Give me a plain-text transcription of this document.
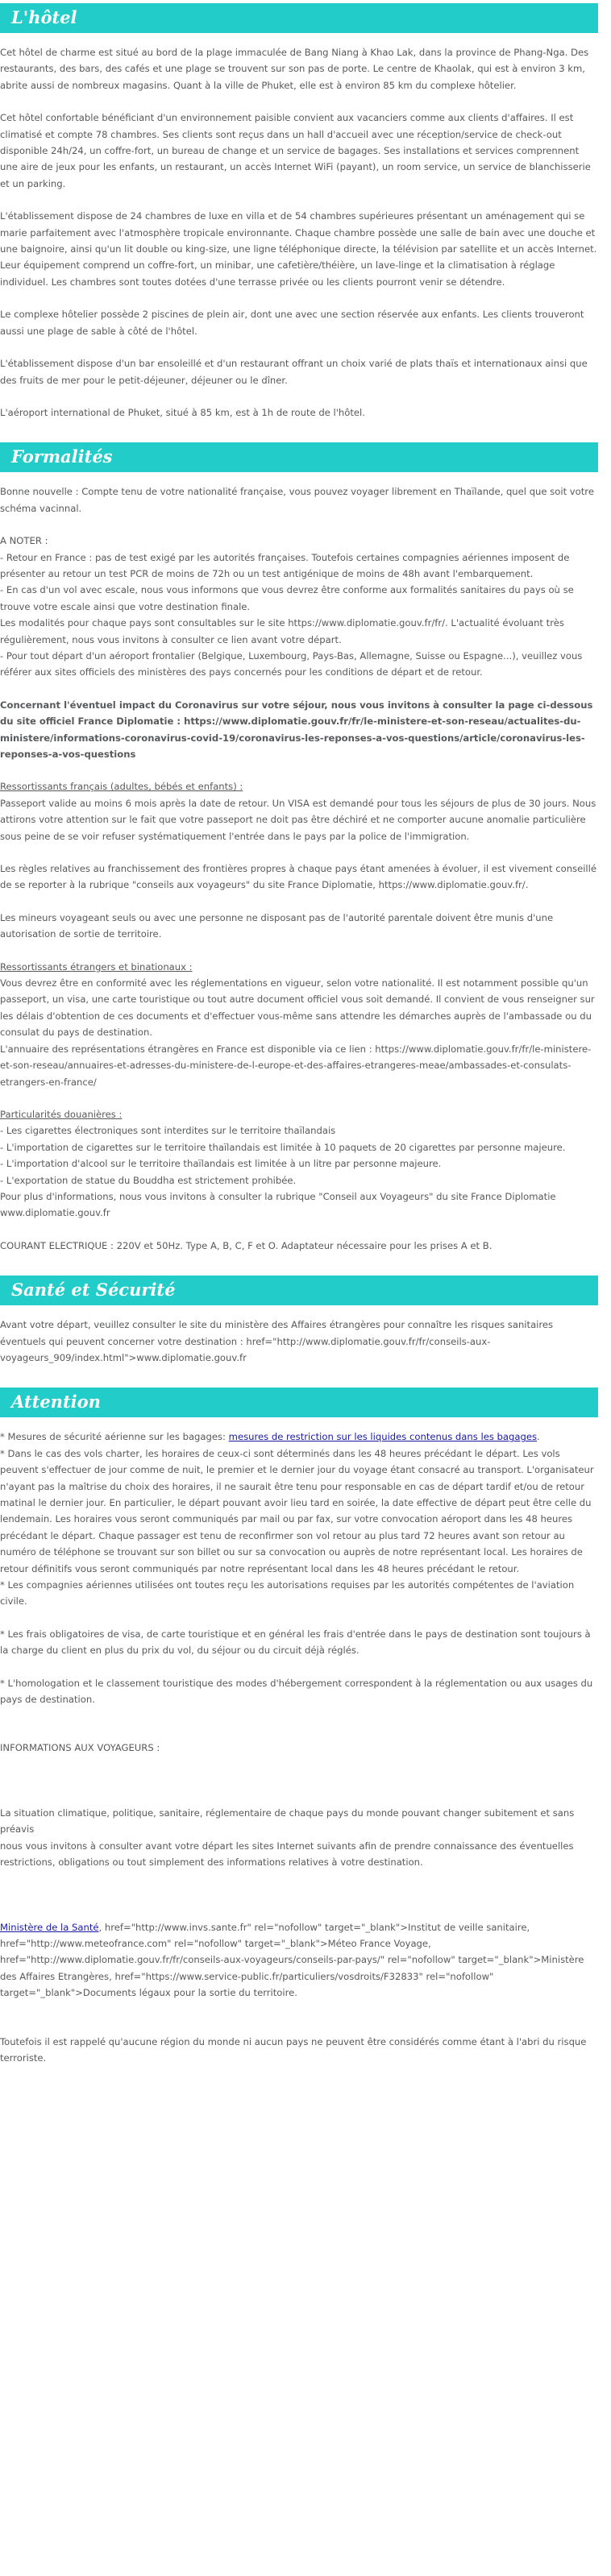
L'hôtel

Cet hôtel de charme est situé au bord de la plage immaculée de Bang Niang à Khao Lak, dans la province de Phang-Nga. Des restaurants, des bars, des cafés et une plage se trouvent sur son pas de porte. Le centre de Khaolak, qui est à environ 3 km, abrite aussi de nombreux magasins. Quant à la ville de Phuket, elle est à environ 85 km du complexe hôtelier.

Cet hôtel confortable bénéficiant d'un environnement paisible convient aux vacanciers comme aux clients d'affaires. Il est climatisé et compte 78 chambres. Ses clients sont reçus dans un hall d'accueil avec une réception/service de check-out disponible 24h/24, un coffre-fort, un bureau de change et un service de bagages. Ses installations et services comprennent une aire de jeux pour les enfants, un restaurant, un accès Internet WiFi (payant), un room service, un service de blanchisserie et un parking.

L'établissement dispose de 24 chambres de luxe en villa et de 54 chambres supérieures présentant un aménagement qui se marie parfaitement avec l'atmosphère tropicale environnante. Chaque chambre possède une salle de bain avec une douche et une baignoire, ainsi qu'un lit double ou king-size, une ligne téléphonique directe, la télévision par satellite et un accès Internet. Leur équipement comprend un coffre-fort, un minibar, une cafetière/théière, un lave-linge et la climatisation à réglage individuel. Les chambres sont toutes dotées d'une terrasse privée ou les clients pourront venir se détendre.

Le complexe hôtelier possède 2 piscines de plein air, dont une avec une section réservée aux enfants. Les clients trouveront aussi une plage de sable à côté de l'hôtel.

L'établissement dispose d'un bar ensoleillé et d'un restaurant offrant un choix varié de plats thaïs et internationaux ainsi que des fruits de mer pour le petit-déjeuner, déjeuner ou le dîner.

L'aéroport international de Phuket, situé à 85 km, est à 1h de route de l'hôtel.

Formalités

Bonne nouvelle : Compte tenu de votre nationalité française, vous pouvez voyager librement en Thaïlande, quel que soit votre schéma vacinnal.

A NOTER :
- Retour en France : pas de test exigé par les autorités françaises. Toutefois certaines compagnies aériennes imposent de présenter au retour un test PCR de moins de 72h ou un test antigénique de moins de 48h avant l'embarquement.
- En cas d'un vol avec escale, nous vous informons que vous devrez être conforme aux formalités sanitaires du pays où se trouve votre escale ainsi que votre destination finale.
Les modalités pour chaque pays sont consultables sur le site https://www.diplomatie.gouv.fr/fr/. L'actualité évoluant très régulièrement, nous vous invitons à consulter ce lien avant votre départ.

- Pour tout départ d'un aéroport frontalier (Belgique, Luxembourg, Pays-Bas, Allemagne, Suisse ou Espagne...), veuillez vous référer aux sites officiels des ministères des pays concernés pour les conditions de départ et de retour.

Concernant l'éventuel impact du Coronavirus sur votre séjour, nous vous invitons à consulter la page ci-dessous du site officiel France Diplomatie : https://www.diplomatie.gouv.fr/fr/le-ministere-et-son-reseau/actualites-du-ministere/informations-coronavirus-covid-19/coronavirus-les-reponses-a-vos-questions/article/coronavirus-les-reponses-a-vos-questions

Ressortissants français (adultes, bébés et enfants) :

Passeport valide au moins 6 mois après la date de retour. Un VISA est demandé pour tous les séjours de plus de 30 jours. Nous attirons votre attention sur le fait que votre passeport ne doit pas être déchiré et ne comporter aucune anomalie particulière sous peine de se voir refuser systématiquement l'entrée dans le pays par la police de l'immigration.

Les règles relatives au franchissement des frontières propres à chaque pays étant amenées à évoluer, il est vivement conseillé de se reporter à la rubrique "conseils aux voyageurs" du site France Diplomatie, https://www.diplomatie.gouv.fr/.

Les mineurs voyageant seuls ou avec une personne ne disposant pas de l'autorité parentale doivent être munis d'une autorisation de sortie de territoire.

Ressortissants étrangers et binationaux :
Vous devrez être en conformité avec les réglementations en vigueur, selon votre nationalité. Il est notamment possible qu'un passeport, un visa, une carte touristique ou tout autre document officiel vous soit demandé. Il convient de vous renseigner sur les délais d'obtention de ces documents et d'effectuer vous-même sans attendre les démarches auprès de l'ambassade ou du consulat du pays de destination.

L'annuaire des représentations étrangères en France est disponible via ce lien : https://www.diplomatie.gouv.fr/fr/le-ministere-et-son-reseau/annuaires-et-adresses-du-ministere-de-l-europe-et-des-affaires-etrangeres-meae/ambassades-et-consulats-etrangers-en-france/

Particularités douanières :
- Les cigarettes électroniques sont interdites sur le territoire thaïlandais
- L'importation de cigarettes sur le territoire thaïlandais est limitée à 10 paquets de 20 cigarettes par personne majeure.
- L'importation d'alcool sur le territoire thaïlandais est limitée à un litre par personne majeure.
- L'exportation de statue du Bouddha est strictement prohibée.

Pour plus d'informations, nous vous invitons à consulter la rubrique "Conseil aux Voyageurs" du site France Diplomatie www.diplomatie.gouv.fr

COURANT ELECTRIQUE : 220V et 50Hz. Type A, B, C, F et O. Adaptateur nécessaire pour les prises A et B.

Santé et Sécurité

Avant votre départ, veuillez consulter le site du ministère des Affaires étrangères pour connaître les risques sanitaires éventuels qui peuvent concerner votre destination : href="http://www.diplomatie.gouv.fr/fr/conseils-aux-voyageurs_909/index.html">www.diplomatie.gouv.fr

Attention
* Mesures de sécurité aérienne sur les bagages: mesures de restriction sur les liquides contenus dans les bagages.
* Dans le cas des vols charter, les horaires de ceux-ci sont déterminés dans les 48 heures précédant le départ. Les vols peuvent s'effectuer de jour comme de nuit, le premier et le dernier jour du voyage étant consacré au transport. L'organisateur n'ayant pas la maîtrise du choix des horaires, il ne saurait être tenu pour responsable en cas de départ tardif et/ou de retour matinal le dernier jour. En particulier, le départ pouvant avoir lieu tard en soirée, la date effective de départ peut être celle du lendemain. Les horaires vous seront communiqués par mail ou par fax, sur votre convocation aéroport dans les 48 heures précédant le départ. Chaque passager est tenu de reconfirmer son vol retour au plus tard 72 heures avant son retour au numéro de téléphone se trouvant sur son billet ou sur sa convocation ou auprès de notre représentant local. Les horaires de retour définitifs vous seront communiqués par notre représentant local dans les 48 heures précédant le retour.

* Les compagnies aériennes utilisées ont toutes reçu les autorisations requises par les autorités compétentes de l'aviation civile.

* Les frais obligatoires de visa, de carte touristique et en général les frais d'entrée dans le pays de destination sont toujours à la charge du client en plus du prix du vol, du séjour ou du circuit déjà réglés.

* L'homologation et le classement touristique des modes d'hébergement correspondent à la réglementation ou aux usages du pays de destination.

INFORMATIONS AUX VOYAGEURS :

La situation climatique, politique, sanitaire, réglementaire de chaque pays du monde pouvant changer subitement et sans préavis

nous vous invitons à consulter avant votre départ les sites Internet suivants afin de prendre connaissance des éventuelles restrictions, obligations ou tout simplement des informations relatives à votre destination.

Ministère de la Santé, href="http://www.invs.sante.fr" rel="nofollow" target="_blank">Institut de veille sanitaire, href="http://www.meteofrance.com" rel="nofollow" target="_blank">Méteo France Voyage, href="http://www.diplomatie.gouv.fr/fr/conseils-aux-voyageurs/conseils-par-pays/" rel="nofollow" target="_blank">Ministère des Affaires Etrangères, href="https://www.service-public.fr/particuliers/vosdroits/F32833" rel="nofollow" target="_blank">Documents légaux pour la sortie du territoire.

Toutefois il est rappelé qu'aucune région du monde ni aucun pays ne peuvent être considérés comme étant à l'abri du risque terroriste.
